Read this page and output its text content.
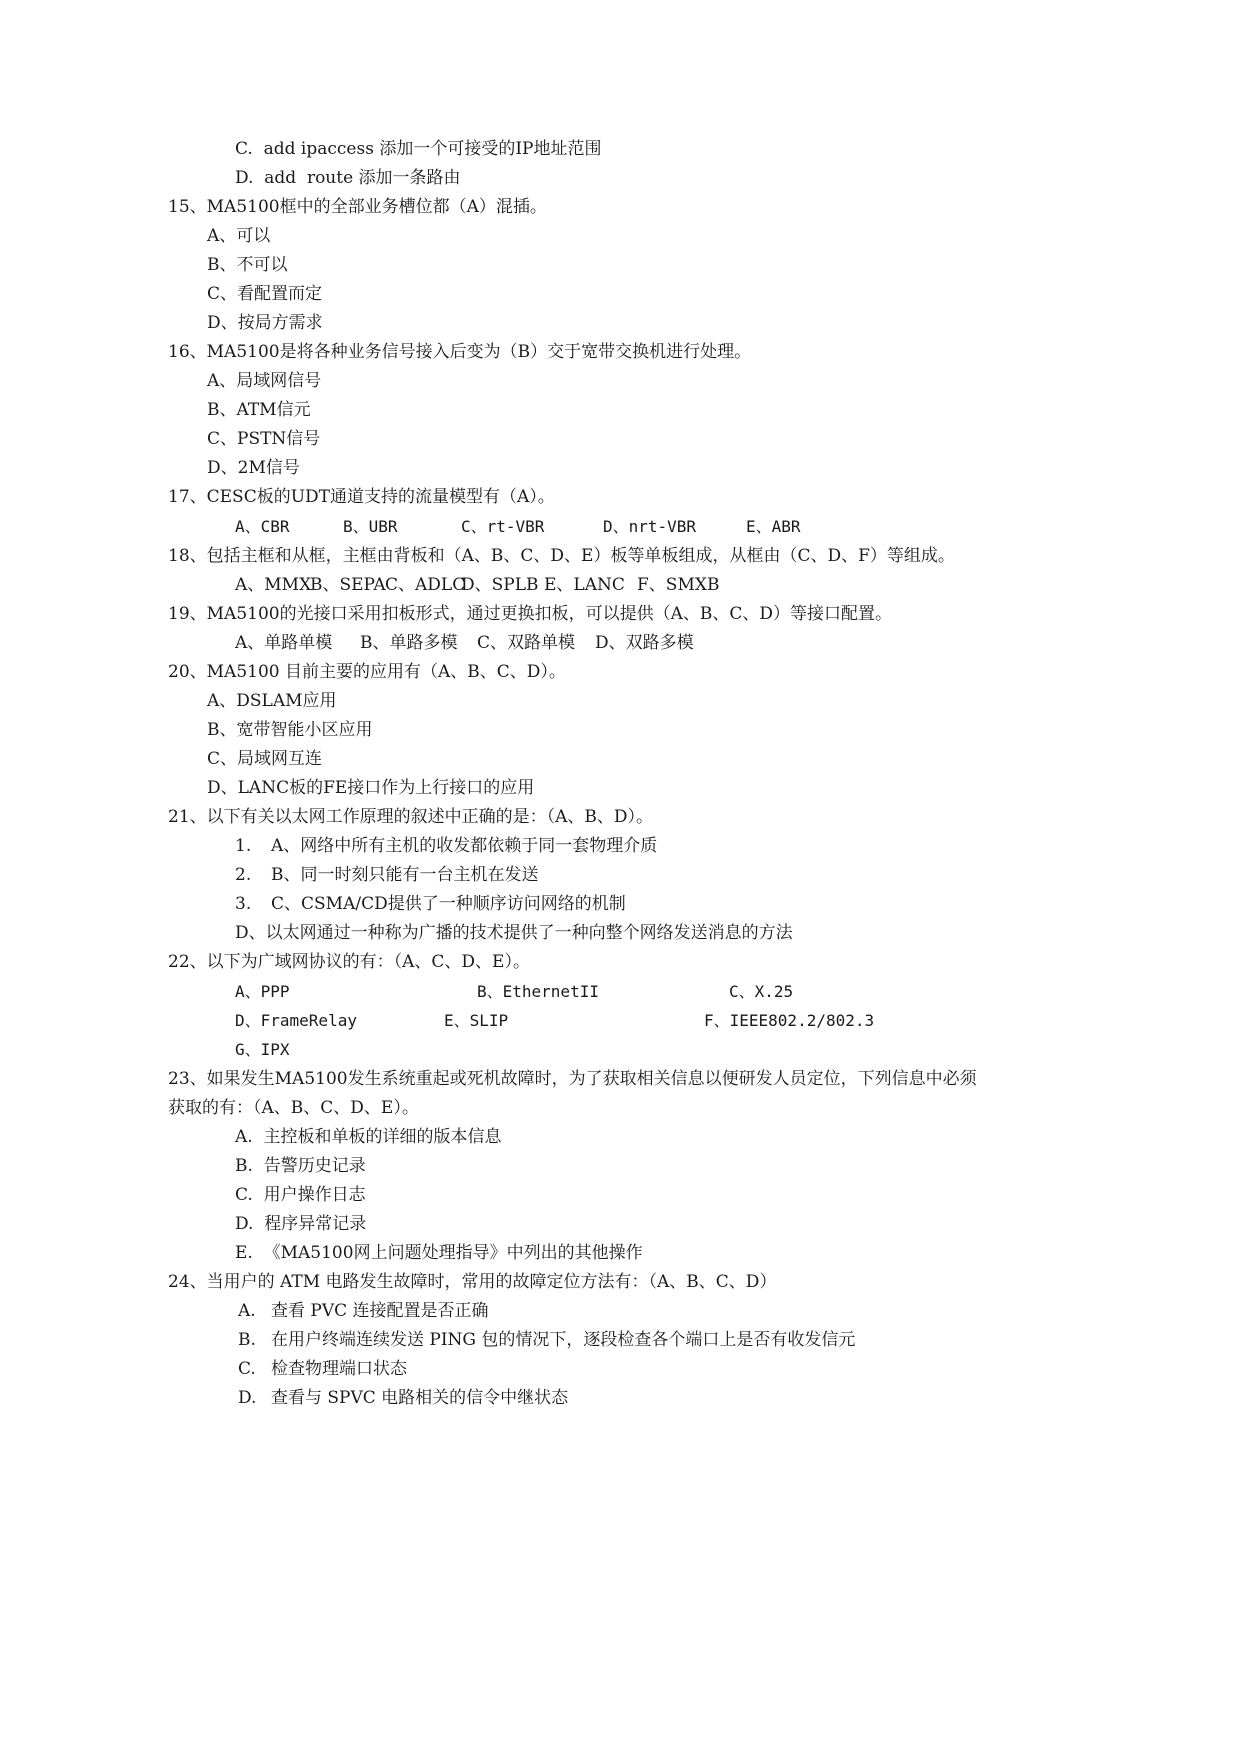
C.  add ipaccess 添加一个可接受的IP地址范围
D.  add  route 添加一条路由
15、MA5100框中的全部业务槽位都（A）混插。
A、可以
B、不可以
C、看配置而定
D、按局方需求
16、MA5100是将各种业务信号接入后变为（B）交于宽带交换机进行处理。
A、局域网信号
B、ATM信元
C、PSTN信号
D、2M信号
17、CESC板的UDT通道支持的流量模型有（A）。
A、CBR	B、UBR	C、rt-VBR	D、nrt-VBR	E、ABR
18、包括主框和从框，主框由背板和（A、B、C、D、E）板等单板组成，从框由（C、D、F）等组成。
A、MMX
B、SEPA C、ADLC
D、SPLB E、LANC F、SMXB
19、MA5100的光接口采用扣板形式，通过更换扣板，可以提供（A、B、C、D）等接口配置。
A、单路单模 B、单路多模 C、双路单模 D、双路多模
20、MA5100 目前主要的应用有（A、B、C、D）。
A、DSLAM应用
B、宽带智能小区应用
C、局域网互连
D、LANC板的FE接口作为上行接口的应用
21、以下有关以太网工作原理的叙述中正确的是：（A、B、D）。
1. A、网络中所有主机的收发都依赖于同一套物理介质
2. B、同一时刻只能有一台主机在发送
3. C、CSMA/CD提供了一种顺序访问网络的机制
D、以太网通过一种称为广播的技术提供了一种向整个网络发送消息的方法
22、以下为广域网协议的有：（A、C、D、E）。
A、PPP	B、EthernetII	C、X.25
D、FrameRelay	E、SLIP	F、IEEE802.2/802.3
G、IPX
23、如果发生MA5100发生系统重起或死机故障时，为了获取相关信息以便研发人员定位，下列信息中必须
获取的有：（A、B、C、D、E）。
A.  主控板和单板的详细的版本信息
B.  告警历史记录
C.  用户操作日志
D.  程序异常记录
E.  《MA5100网上问题处理指导》中列出的其他操作
24、当用户的 ATM 电路发生故障时，常用的故障定位方法有：（A、B、C、D）
A. 查看 PVC 连接配置是否正确
B. 在用户终端连续发送 PING 包的情况下，逐段检查各个端口上是否有收发信元
C. 检查物理端口状态
D. 查看与 SPVC 电路相关的信令中继状态
